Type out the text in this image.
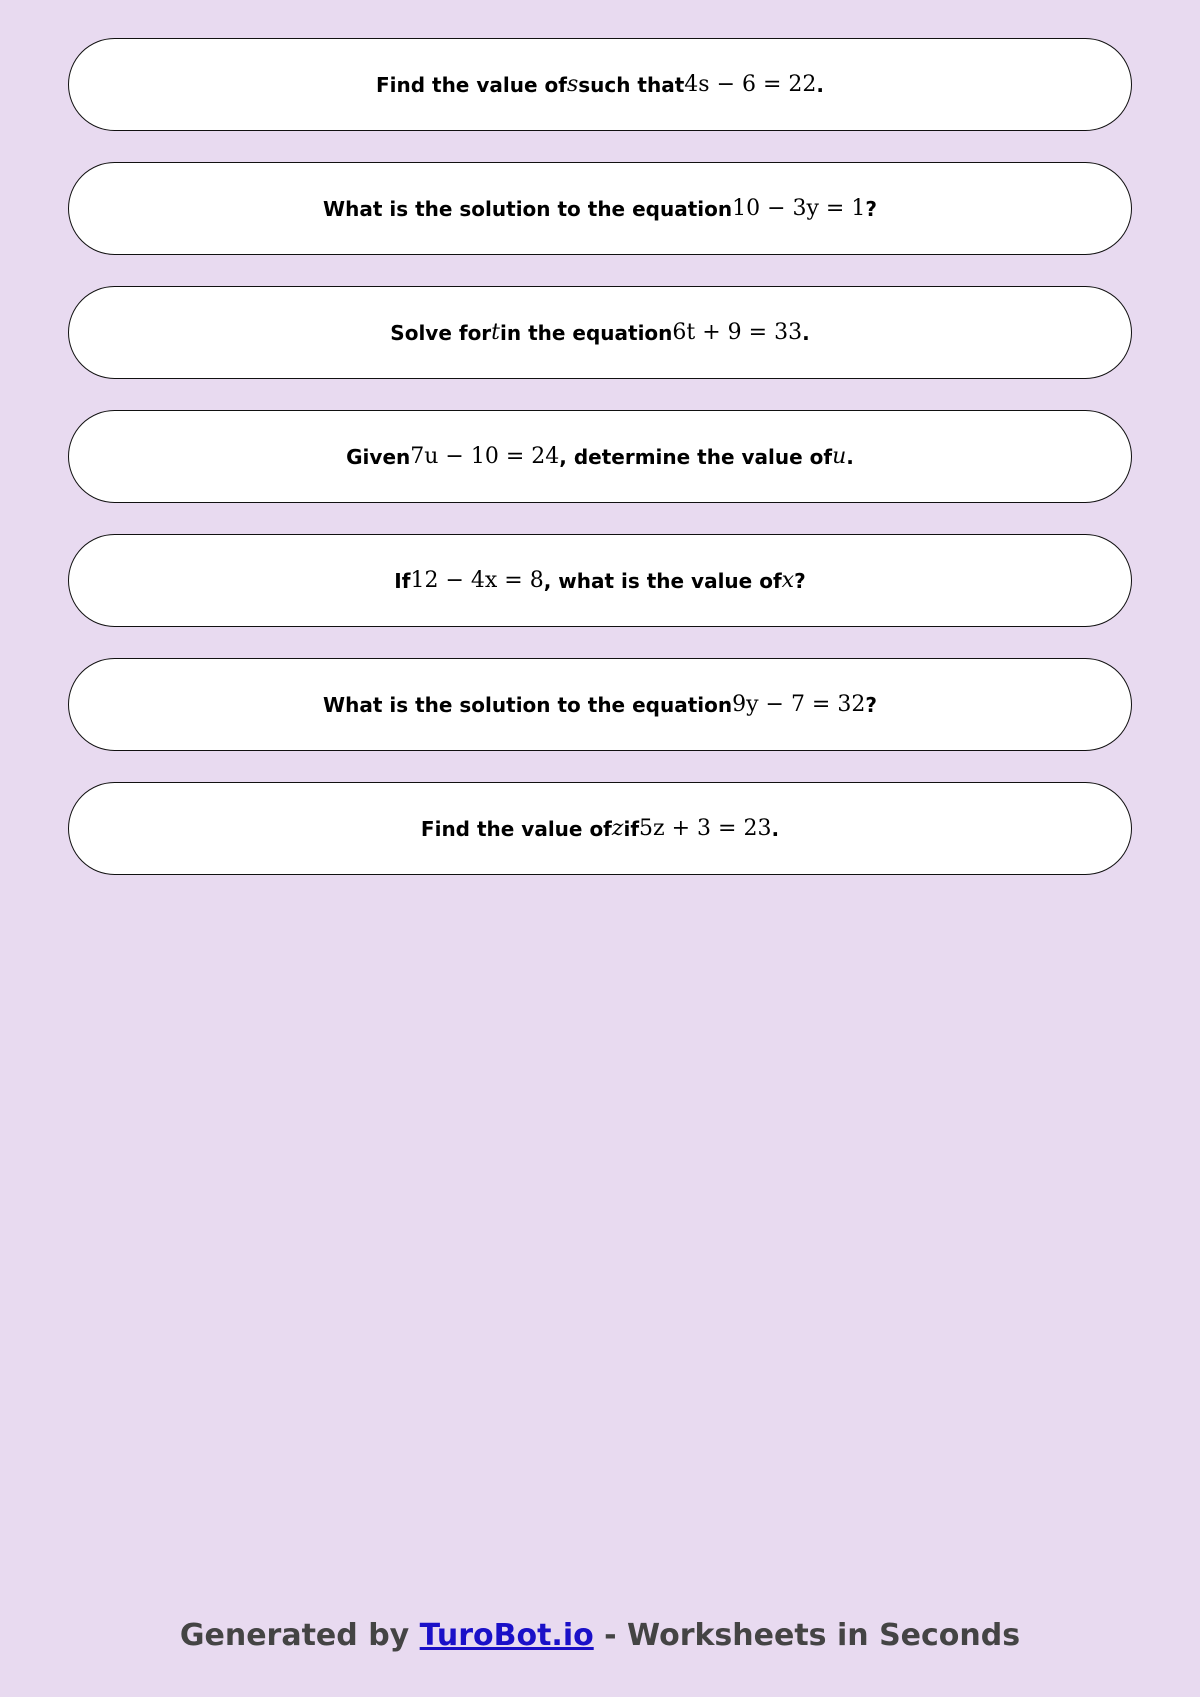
Find the value of s such that 4s − 6 = 22 .
What is the solution to the equation 10 − 3y = 1 ?
Solve for t in the equation 6t + 9 = 33 .
Given 7u − 10 = 24 , determine the value of u .
If 12 − 4x = 8 , what is the value of x ?
What is the solution to the equation 9y − 7 = 32 ?
Find the value of z if 5z + 3 = 23 .
Generated by TuroBot.io - Worksheets in Seconds
